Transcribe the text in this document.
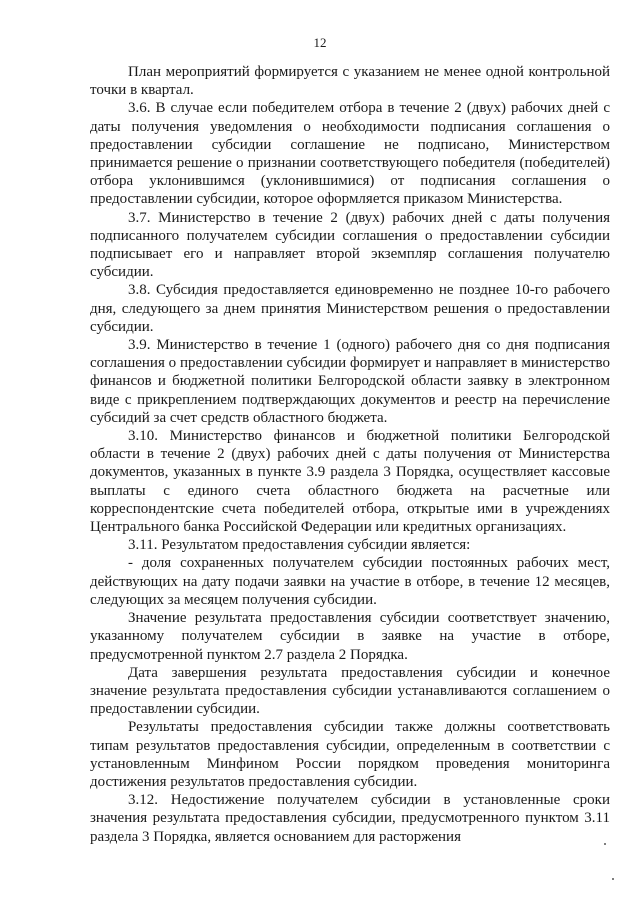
12

План мероприятий формируется с указанием не менее одной контрольной точки в квартал.

3.6. В случае если победителем отбора в течение 2 (двух) рабочих дней с даты получения уведомления о необходимости подписания соглашения о предоставлении субсидии соглашение не подписано, Министерством принимается решение о признании соответствующего победителя (победителей) отбора уклонившимся (уклонившимися) от подписания соглашения о предоставлении субсидии, которое оформляется приказом Министерства.

3.7. Министерство в течение 2 (двух) рабочих дней с даты получения подписанного получателем субсидии соглашения о предоставлении субсидии подписывает его и направляет второй экземпляр соглашения получателю субсидии.

3.8. Субсидия предоставляется единовременно не позднее 10-го рабочего дня, следующего за днем принятия Министерством решения о предоставлении субсидии.

3.9. Министерство в течение 1 (одного) рабочего дня со дня подписания соглашения о предоставлении субсидии формирует и направляет в министерство финансов и бюджетной политики Белгородской области заявку в электронном виде с прикреплением подтверждающих документов и реестр на перечисление субсидий за счет средств областного бюджета.

3.10. Министерство финансов и бюджетной политики Белгородской области в течение 2 (двух) рабочих дней с даты получения от Министерства документов, указанных в пункте 3.9 раздела 3 Порядка, осуществляет кассовые выплаты с единого счета областного бюджета на расчетные или корреспондентские счета победителей отбора, открытые ими в учреждениях Центрального банка Российской Федерации или кредитных организациях.

3.11. Результатом предоставления субсидии является:

- доля сохраненных получателем субсидии постоянных рабочих мест, действующих на дату подачи заявки на участие в отборе, в течение 12 месяцев, следующих за месяцем получения субсидии.

Значение результата предоставления субсидии соответствует значению, указанному получателем субсидии в заявке на участие в отборе, предусмотренной пунктом 2.7 раздела 2 Порядка.

Дата завершения результата предоставления субсидии и конечное значение результата предоставления субсидии устанавливаются соглашением о предоставлении субсидии.

Результаты предоставления субсидии также должны соответствовать типам результатов предоставления субсидии, определенным в соответствии с установленным Минфином России порядком проведения мониторинга достижения результатов предоставления субсидии.

3.12. Недостижение получателем субсидии в установленные сроки значения результата предоставления субсидии, предусмотренного пунктом 3.11 раздела 3 Порядка, является основанием для расторжения
